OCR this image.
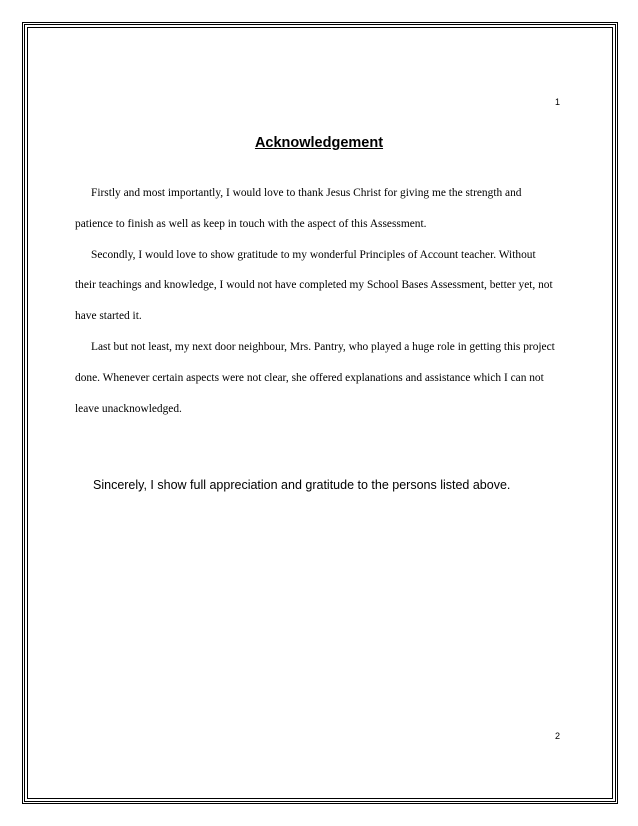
1
Acknowledgement

Firstly and most importantly, I would love to thank Jesus Christ for giving me the strength and patience to finish as well as keep in touch with the aspect of this Assessment.

Secondly, I would love to show gratitude to my wonderful Principles of Account teacher. Without their teachings and knowledge, I would not have completed my School Bases Assessment, better yet, not have started it.

Last but not least, my next door neighbour, Mrs. Pantry, who played a huge role in getting this project done. Whenever certain aspects were not clear, she offered explanations and assistance which I can not leave unacknowledged.

Sincerely, I show full appreciation and gratitude to the persons listed above.
2
